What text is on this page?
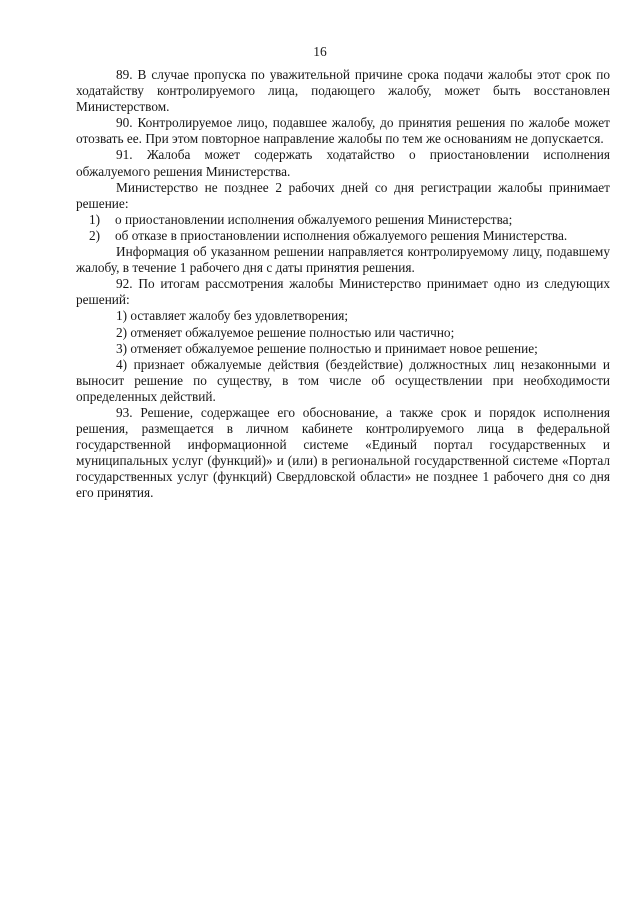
16

89. В случае пропуска по уважительной причине срока подачи жалобы этот срок по ходатайству контролируемого лица, подающего жалобу, может быть восстановлен Министерством.

90. Контролируемое лицо, подавшее жалобу, до принятия решения по жалобе может отозвать ее. При этом повторное направление жалобы по тем же основаниям не допускается.

91. Жалоба может содержать ходатайство о приостановлении исполнения обжалуемого решения Министерства.

Министерство не позднее 2 рабочих дней со дня регистрации жалобы принимает решение:

1) о приостановлении исполнения обжалуемого решения Министерства;

2) об отказе в приостановлении исполнения обжалуемого решения Министерства.

Информация об указанном решении направляется контролируемому лицу, подавшему жалобу, в течение 1 рабочего дня с даты принятия решения.

92. По итогам рассмотрения жалобы Министерство принимает одно из следующих решений:

1) оставляет жалобу без удовлетворения;

2) отменяет обжалуемое решение полностью или частично;

3) отменяет обжалуемое решение полностью и принимает новое решение;

4) признает обжалуемые действия (бездействие) должностных лиц незаконными и выносит решение по существу, в том числе об осуществлении при необходимости определенных действий.

93. Решение, содержащее его обоснование, а также срок и порядок исполнения решения, размещается в личном кабинете контролируемого лица в федеральной государственной информационной системе «Единый портал государственных и муниципальных услуг (функций)» и (или) в региональной государственной системе «Портал государственных услуг (функций) Свердловской области» не позднее 1 рабочего дня со дня его принятия.
